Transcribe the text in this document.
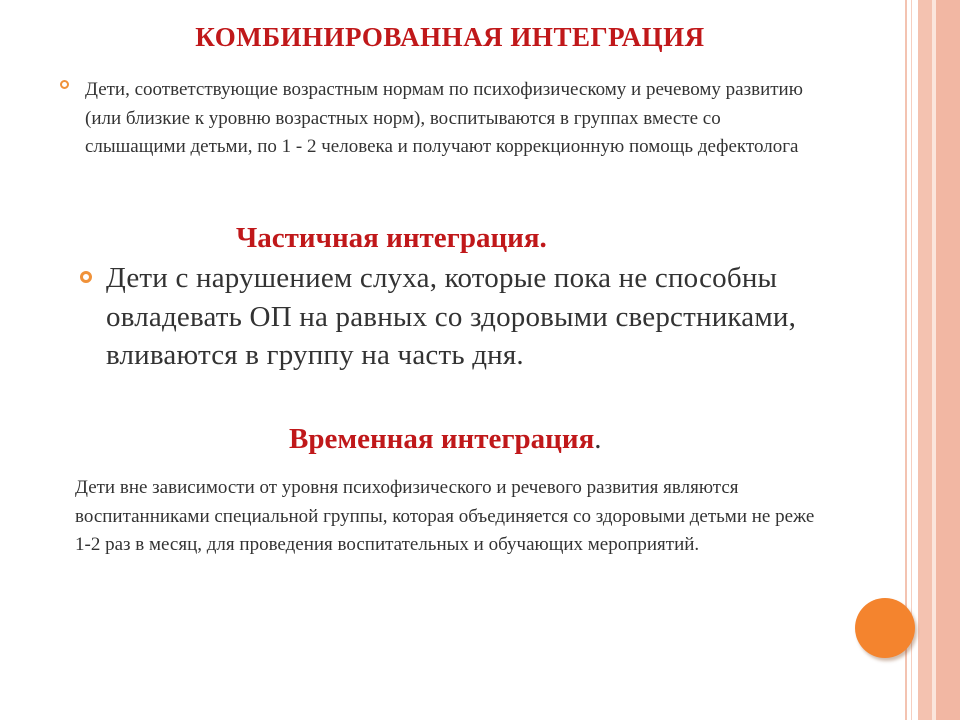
КОМБИНИРОВАННАЯ ИНТЕГРАЦИЯ
Дети, соответствующие возрастным нормам по психофизическому и речевому развитию (или близкие к уровню возрастных норм), воспитываются в группах вместе со слышащими детьми, по 1 - 2 человека и получают коррекционную помощь дефектолога
Частичная интеграция.
Дети с нарушением слуха, которые пока не способны овладевать ОП на равных со здоровыми сверстниками, вливаются в группу на часть дня.
Временная интеграция.
Дети вне зависимости от уровня психофизического и речевого развития являются воспитанниками специальной группы, которая объединяется со здоровыми детьми не реже 1-2 раз в месяц, для проведения воспитательных и обучающих мероприятий.
